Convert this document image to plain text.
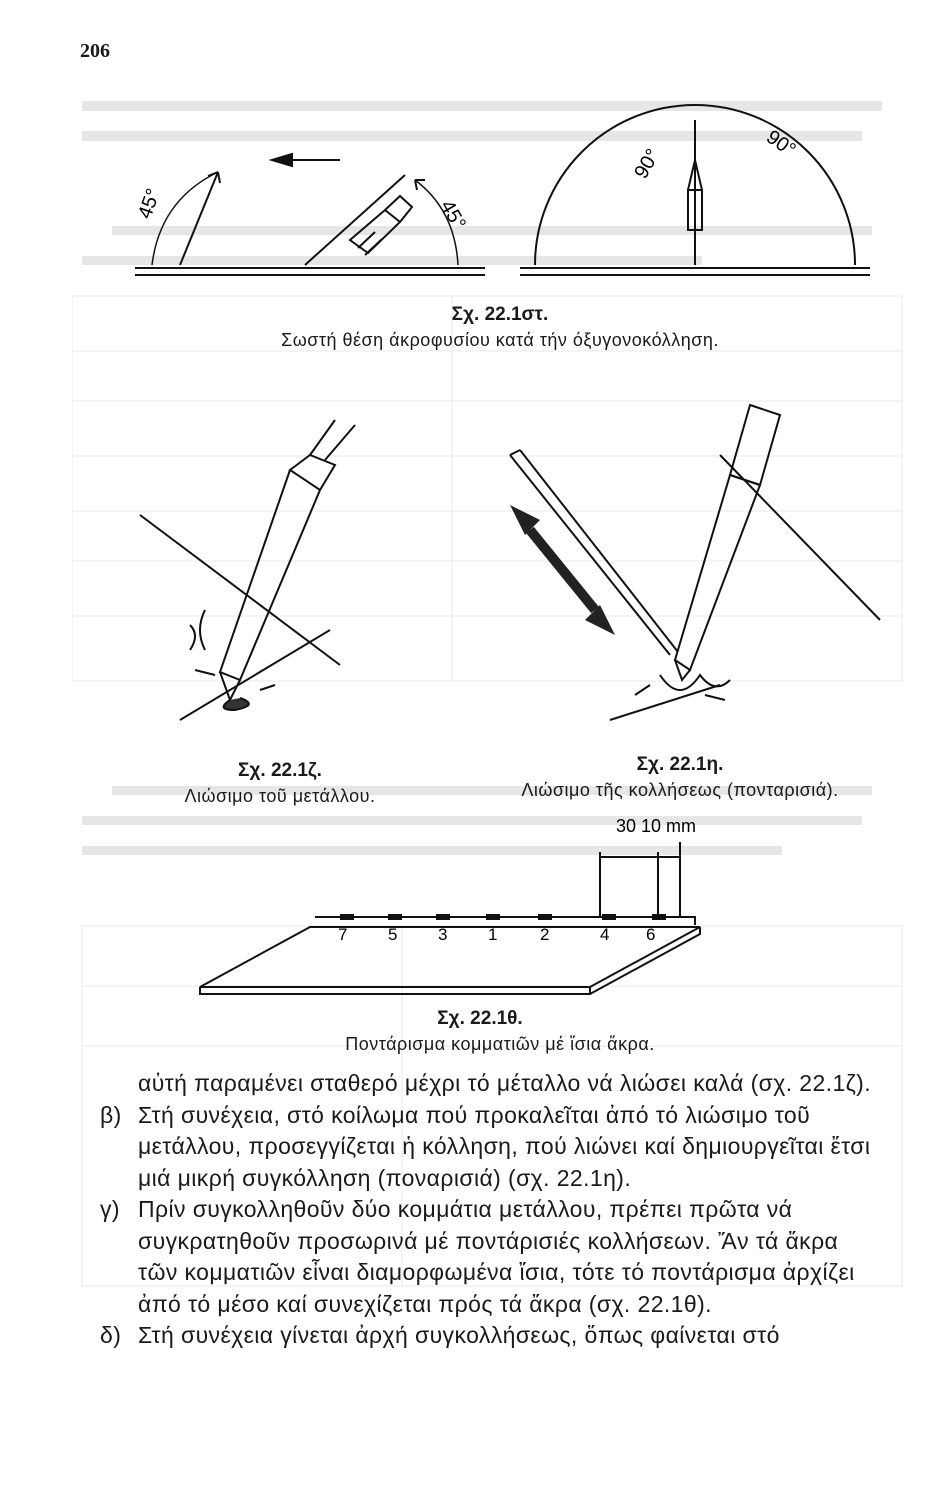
206
45°	45°
90°
90°
Σχ. 22.1στ.
Σωστή θέση άκροφυσίου κατά τήν όξυγονοκόλληση.
Σχ. 22.1ζ.
Λιώσιμο τοῦ μετάλλου.
Σχ. 22.1η.
Λιώσιμο τῆς κολλήσεως (πονταρισιά).
7 5 3 1	2	4 6
30 10 mm
Σχ. 22.1θ.
Ποντάρισμα κομματιῶν μέ ἴσια ἄκρα.
αὐτή παραμένει σταθερό μέχρι τό μέταλλο νά λιώσει καλά (σχ. 22.1ζ).
β) Στή συνέχεια, στό κοίλωμα πού προκαλεῖται ἀπό τό λιώσιμο τοῦ μετάλλου, προσεγγίζεται ἡ κόλληση, πού λιώνει καί δημιουργεῖται ἔτσι μιά μικρή συγκόλληση (ποναρισιά) (σχ. 22.1η).
γ) Πρίν συγκολληθοῦν δύο κομμάτια μετάλλου, πρέπει πρῶτα νά συγκρατηθοῦν προσωρινά μέ ποντάρισιές κολλήσεων. Ἄν τά ἄκρα τῶν κομματιῶν εἶναι διαμορφωμένα ἴσια, τότε τό ποντάρισμα ἀρχίζει ἀπό τό μέσο καί συνεχίζεται πρός τά ἄκρα (σχ. 22.1θ).
δ) Στή συνέχεια γίνεται ἀρχή συγκολλήσεως, ὅπως φαίνεται στό
